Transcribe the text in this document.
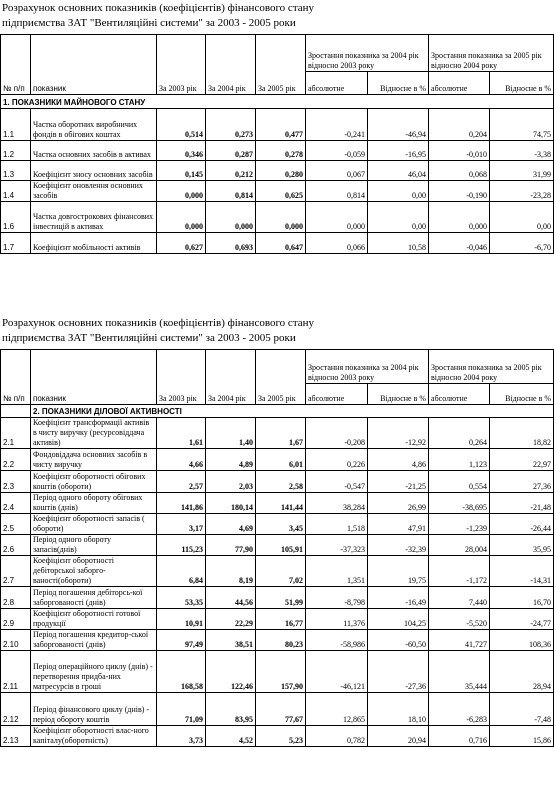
Розрахунок основних показників (коефіцієнтів) фінансового стану
підприємства ЗАТ "Вентиляційні системи" за 2003 - 2005 роки
№ п/п	показник	За 2003 рік	За 2004 рік	За 2005 рік	Зростання показника за 2004 рік відносно 2003 року		Зростання показника за 2005 рік відносно 2004 року	
					абсолютне	Відносне в %	абсолютне	Відносне в %
1. ПОКАЗНИКИ МАЙНОВОГО СТАНУ								
1.1	Частка оборотних виробничих фондів в обігових коштах	0,514	0,273	0,477	-0,241	-46,94	0,204	74,75
1.2	Частка основних засобів в активах	0,346	0,287	0,278	-0,059	-16,95	-0,010	-3,38
1.3	Коефіцієнт зносу основних засобів	0,145	0,212	0,280	0,067	46,04	0,068	31,99
1.4	Коефіцієнт оновлення основних засобів	0,000	0,814	0,625	0,814	0,00	-0,190	-23,28
1.6	Частка довгострокових фінансових інвестицій в активах	0,000	0,000	0,000	0,000	0,00	0,000	0,00
1.7	Коефіцієнт мобільності активів	0,627	0,693	0,647	0,066	10,58	-0,046	-6,70
Розрахунок основних показників (коефіцієнтів) фінансового стану
підприємства ЗАТ "Вентиляційні системи" за 2003 - 2005 роки
№ п/п	показник	За 2003 рік	За 2004 рік	За 2005 рік	Зростання показника за 2004 рік відносно 2003 року		Зростання показника за 2005 рік відносно 2004 року	
					абсолютне	Відносне в %	абсолютне	Відносне в %
	2. ПОКАЗНИКИ ДІЛОВОЇ АКТИВНОСТІ							
2.1	Коефіцієнт трансформації активів в чисту виручку (ресурсовіддача активів)	1,61	1,40	1,67	-0,208	-12,92	0,264	18,82
2.2	Фондовіддача основних засобів в чисту виручку	4,66	4,89	6,01	0,226	4,86	1,123	22,97
2.3	Коефіцієнт оборотності обігових коштів (обороти)	2,57	2,03	2,58	-0,547	-21,25	0,554	27,36
2.4	Період одного обороту обігових коштів (днів)	141,86	180,14	141,44	38,284	26,99	-38,695	-21,48
2.5	Коефіцієнт оборотності запасів ( обороти)	3,17	4,69	3,45	1,518	47,91	-1,239	-26,44
2.6	Період одного обороту запасів(днів)	115,23	77,90	105,91	-37,323	-32,39	28,004	35,95
2.7	Коефіцієнт оборотності дебіторської заборго-ваності(обороти)	6,84	8,19	7,02	1,351	19,75	-1,172	-14,31
2.8	Період погашення дебіторсь-кої заборгованості (днів)	53,35	44,56	51,99	-8,798	-16,49	7,440	16,70
2.9	Коефіцієнт оборотності готової продукції	10,91	22,29	16,77	11,376	104,25	-5,520	-24,77
2.10	Період погашення кредитор-ської заборгованості (днів)	97,49	38,51	80,23	-58,986	-60,50	41,727	108,36
2.11	Період операційного циклу (днів) - перетворення придба-них матресурсів в гроші	168,58	122,46	157,90	-46,121	-27,36	35,444	28,94
2.12	Період фінансового циклу (днів) - період обороту коштів	71,09	83,95	77,67	12,865	18,10	-6,283	-7,48
2.13	Коефіцієнт оборотності влас-ного капіталу(оборотність)	3,73	4,52	5,23	0,782	20,94	0,716	15,86
